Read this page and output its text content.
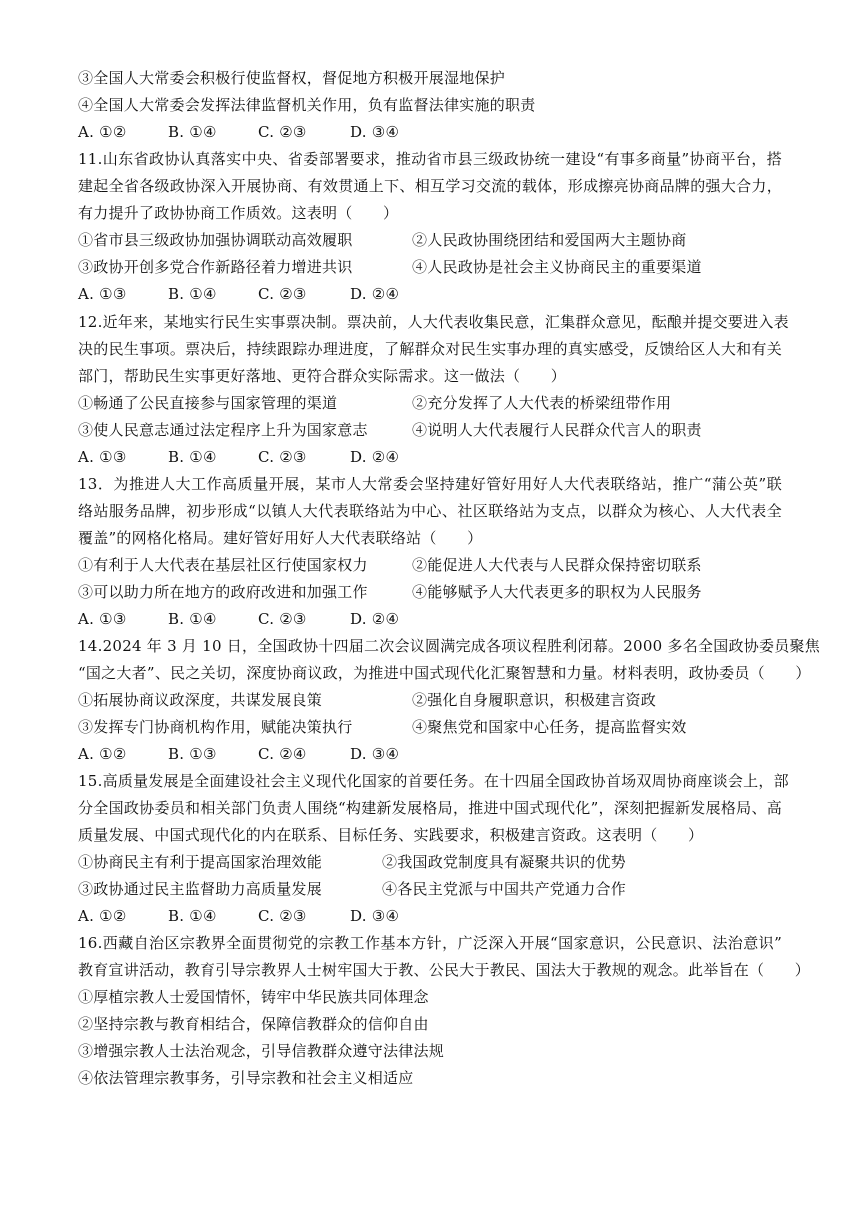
③全国人大常委会积极行使监督权，督促地方积极开展湿地保护
④全国人大常委会发挥法律监督机关作用，负有监督法律实施的职责
A. ①②	B. ①④	C. ②③	D. ③④
11.山东省政协认真落实中央、省委部署要求，推动省市县三级政协统一建设“有事多商量”协商平台，搭
建起全省各级政协深入开展协商、有效贯通上下、相互学习交流的载体，形成擦亮协商品牌的强大合力，
有力提升了政协协商工作质效。这表明（　　）
①省市县三级政协加强协调联动高效履职	②人民政协围绕团结和爱国两大主题协商
③政协开创多党合作新路径着力增进共识	④人民政协是社会主义协商民主的重要渠道
A. ①③	B. ①④	C. ②③	D. ②④
12.近年来，某地实行民生实事票决制。票决前，人大代表收集民意，汇集群众意见，酝酿并提交要进入表
决的民生事项。票决后，持续跟踪办理进度，了解群众对民生实事办理的真实感受，反馈给区人大和有关
部门，帮助民生实事更好落地、更符合群众实际需求。这一做法（　　）
①畅通了公民直接参与国家管理的渠道	②充分发挥了人大代表的桥梁纽带作用
③使人民意志通过法定程序上升为国家意志	④说明人大代表履行人民群众代言人的职责
A. ①③	B. ①④	C. ②③	D. ②④
13．为推进人大工作高质量开展，某市人大常委会坚持建好管好用好人大代表联络站，推广“蒲公英”联
络站服务品牌，初步形成“以镇人大代表联络站为中心、社区联络站为支点，以群众为核心、人大代表全
覆盖”的网格化格局。建好管好用好人大代表联络站（　　）
①有利于人大代表在基层社区行使国家权力	②能促进人大代表与人民群众保持密切联系
③可以助力所在地方的政府改进和加强工作	④能够赋予人大代表更多的职权为人民服务
A. ①③	B. ①④	C. ②③	D. ②④
14.2024 年 3 月 10 日，全国政协十四届二次会议圆满完成各项议程胜利闭幕。2000 多名全国政协委员聚焦
“国之大者”、民之关切，深度协商议政，为推进中国式现代化汇聚智慧和力量。材料表明，政协委员（　　）
①拓展协商议政深度，共谋发展良策	②强化自身履职意识，积极建言资政
③发挥专门协商机构作用，赋能决策执行	④聚焦党和国家中心任务，提高监督实效
A. ①②	B. ①③	C. ②④	D. ③④
15.高质量发展是全面建设社会主义现代化国家的首要任务。在十四届全国政协首场双周协商座谈会上，部
分全国政协委员和相关部门负责人围绕“构建新发展格局，推进中国式现代化”，深刻把握新发展格局、高
质量发展、中国式现代化的内在联系、目标任务、实践要求，积极建言资政。这表明（　　）
①协商民主有利于提高国家治理效能	②我国政党制度具有凝聚共识的优势
③政协通过民主监督助力高质量发展	④各民主党派与中国共产党通力合作
A. ①②	B. ①④	C. ②③	D. ③④
16.西藏自治区宗教界全面贯彻党的宗教工作基本方针，广泛深入开展“国家意识，公民意识、法治意识”
教育宣讲活动，教育引导宗教界人士树牢国大于教、公民大于教民、国法大于教规的观念。此举旨在（　　）
①厚植宗教人士爱国情怀，铸牢中华民族共同体理念
②坚持宗教与教育相结合，保障信教群众的信仰自由
③增强宗教人士法治观念，引导信教群众遵守法律法规
④依法管理宗教事务，引导宗教和社会主义相适应
